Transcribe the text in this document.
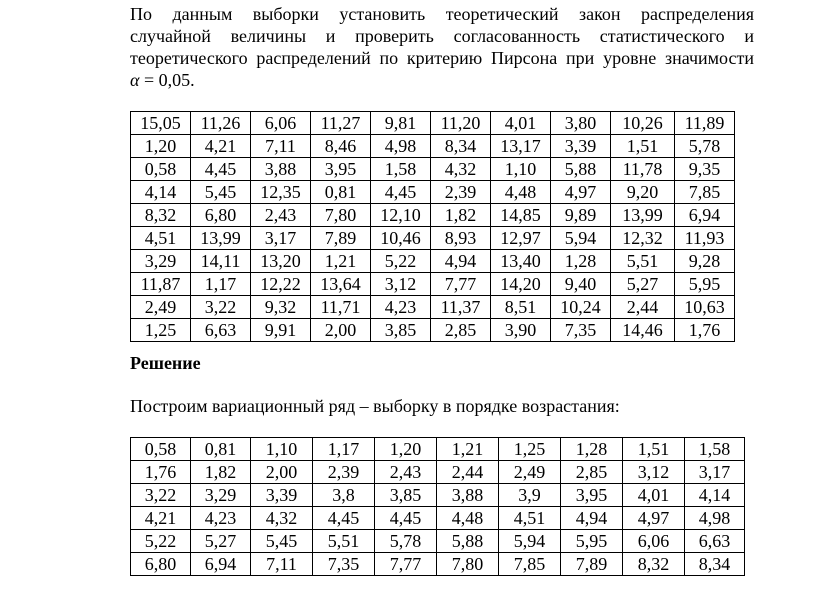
По данным выборки установить теоретический закон распределения

случайной величины и проверить согласованность статистического и

теоретического распределений по критерию Пирсона при уровне значимости

α = 0,05.

15,05	11,26	6,06	11,27	9,81	11,20	4,01	3,80	10,26	11,89
1,20	4,21	7,11	8,46	4,98	8,34	13,17	3,39	1,51	5,78
0,58	4,45	3,88	3,95	1,58	4,32	1,10	5,88	11,78	9,35
4,14	5,45	12,35	0,81	4,45	2,39	4,48	4,97	9,20	7,85
8,32	6,80	2,43	7,80	12,10	1,82	14,85	9,89	13,99	6,94
4,51	13,99	3,17	7,89	10,46	8,93	12,97	5,94	12,32	11,93
3,29	14,11	13,20	1,21	5,22	4,94	13,40	1,28	5,51	9,28
11,87	1,17	12,22	13,64	3,12	7,77	14,20	9,40	5,27	5,95
2,49	3,22	9,32	11,71	4,23	11,37	8,51	10,24	2,44	10,63
1,25	6,63	9,91	2,00	3,85	2,85	3,90	7,35	14,46	1,76
Решение
Построим вариационный ряд – выборку в порядке возрастания:
0,58	0,81	1,10	1,17	1,20	1,21	1,25	1,28	1,51	1,58
1,76	1,82	2,00	2,39	2,43	2,44	2,49	2,85	3,12	3,17
3,22	3,29	3,39	3,8	3,85	3,88	3,9	3,95	4,01	4,14
4,21	4,23	4,32	4,45	4,45	4,48	4,51	4,94	4,97	4,98
5,22	5,27	5,45	5,51	5,78	5,88	5,94	5,95	6,06	6,63
6,80	6,94	7,11	7,35	7,77	7,80	7,85	7,89	8,32	8,34
